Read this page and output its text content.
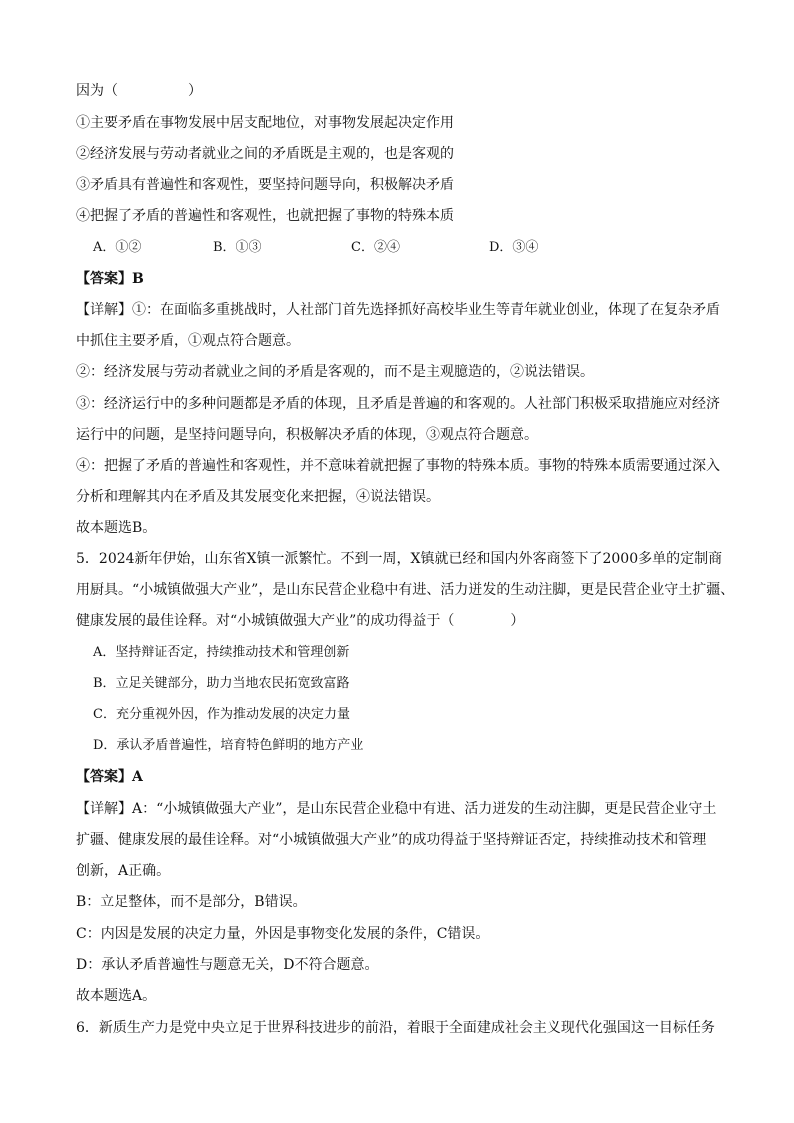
因为（　　　　　）
①主要矛盾在事物发展中居支配地位，对事物发展起决定作用
②经济发展与劳动者就业之间的矛盾既是主观的，也是客观的
③矛盾具有普遍性和客观性，要坚持问题导向，积极解决矛盾
④把握了矛盾的普遍性和客观性，也就把握了事物的特殊本质
A．①②	B．①③	C．②④	D．③④
【答案】B
【详解】①：在面临多重挑战时，人社部门首先选择抓好高校毕业生等青年就业创业，体现了在复杂矛盾
中抓住主要矛盾，①观点符合题意。
②：经济发展与劳动者就业之间的矛盾是客观的，而不是主观臆造的，②说法错误。
③：经济运行中的多种问题都是矛盾的体现，且矛盾是普遍的和客观的。人社部门积极采取措施应对经济
运行中的问题，是坚持问题导向，积极解决矛盾的体现，③观点符合题意。
④：把握了矛盾的普遍性和客观性，并不意味着就把握了事物的特殊本质。事物的特殊本质需要通过深入
分析和理解其内在矛盾及其发展变化来把握，④说法错误。
故本题选B。
5．2024新年伊始，山东省X镇一派繁忙。不到一周，X镇就已经和国内外客商签下了2000多单的定制商
用厨具。“小城镇做强大产业”，是山东民营企业稳中有进、活力迸发的生动注脚，更是民营企业守土扩疆、
健康发展的最佳诠释。对“小城镇做强大产业”的成功得益于（　　　　）
A．坚持辩证否定，持续推动技术和管理创新
B．立足关键部分，助力当地农民拓宽致富路
C．充分重视外因，作为推动发展的决定力量
D．承认矛盾普遍性，培育特色鲜明的地方产业
【答案】A
【详解】A：“小城镇做强大产业”，是山东民营企业稳中有进、活力迸发的生动注脚，更是民营企业守土
扩疆、健康发展的最佳诠释。对“小城镇做强大产业”的成功得益于坚持辩证否定，持续推动技术和管理
创新，A正确。
B：立足整体，而不是部分，B错误。
C：内因是发展的决定力量，外因是事物变化发展的条件，C错误。
D：承认矛盾普遍性与题意无关，D不符合题意。
故本题选A。
6．新质生产力是党中央立足于世界科技进步的前沿，着眼于全面建成社会主义现代化强国这一目标任务
